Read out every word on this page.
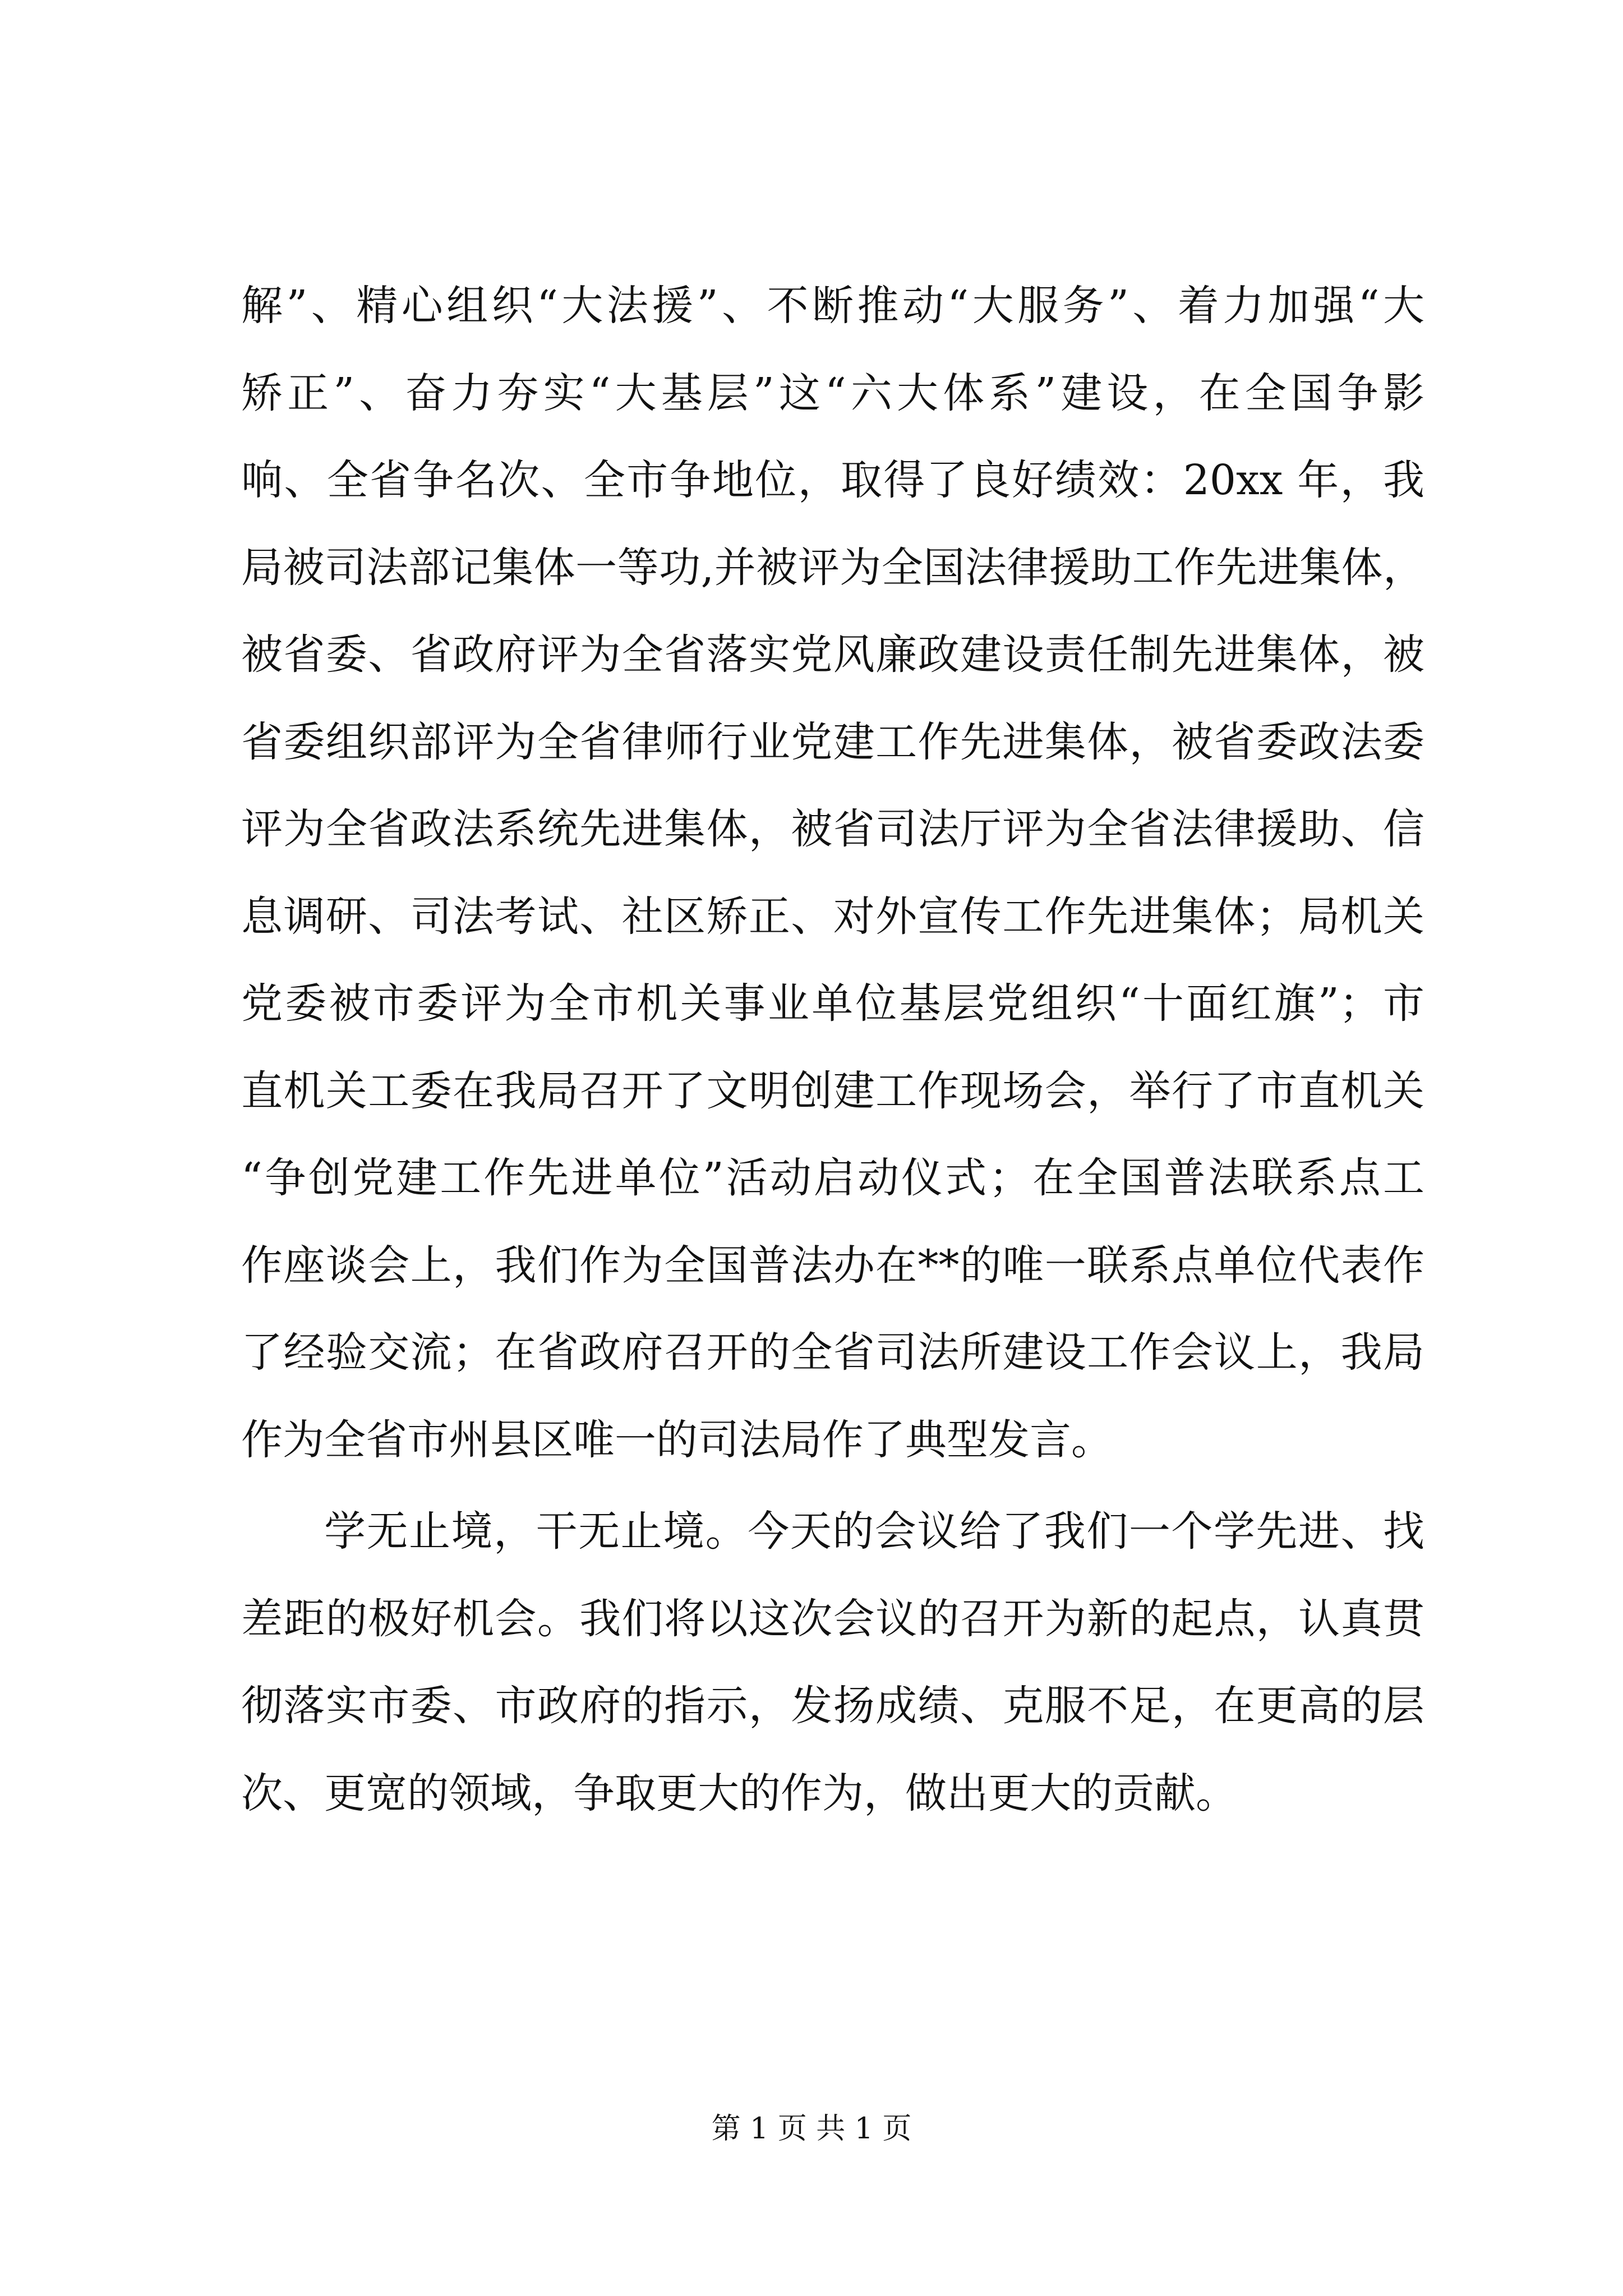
解”、精心组织“大法援”、不断推动“大服务”、着力加强“大
矫正”、奋力夯实“大基层”这“六大体系”建设，在全国争影
响、全省争名次、全市争地位，取得了良好绩效：20xx 年，我
局被司法部记集体一等功,并被评为全国法律援助工作先进集体，
被省委、省政府评为全省落实党风廉政建设责任制先进集体，被
省委组织部评为全省律师行业党建工作先进集体，被省委政法委
评为全省政法系统先进集体，被省司法厅评为全省法律援助、信
息调研、司法考试、社区矫正、对外宣传工作先进集体；局机关
党委被市委评为全市机关事业单位基层党组织“十面红旗”；市
直机关工委在我局召开了文明创建工作现场会，举行了市直机关
“争创党建工作先进单位”活动启动仪式；在全国普法联系点工
作座谈会上，我们作为全国普法办在**的唯一联系点单位代表作
了经验交流；在省政府召开的全省司法所建设工作会议上，我局
作为全省市州县区唯一的司法局作了典型发言。
学无止境，干无止境。今天的会议给了我们一个学先进、找
差距的极好机会。我们将以这次会议的召开为新的起点，认真贯
彻落实市委、市政府的指示，发扬成绩、克服不足，在更高的层
次、更宽的领域，争取更大的作为，做出更大的贡献。
第 1 页 共 1 页
